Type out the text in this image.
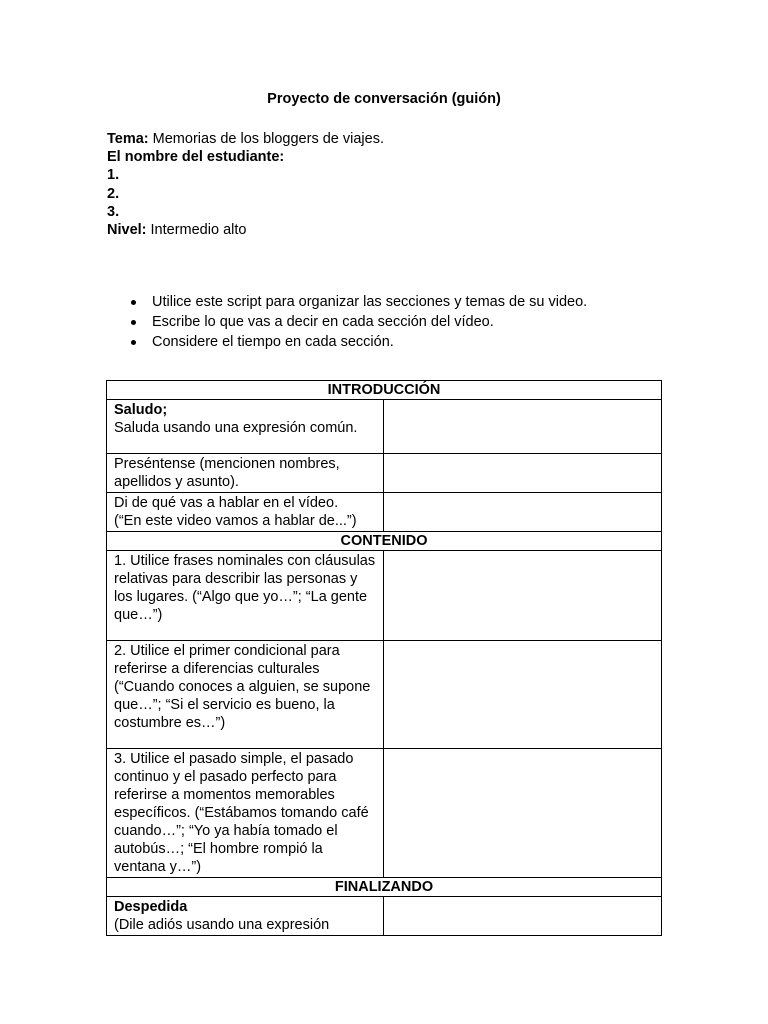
Proyecto de conversación (guión)
Tema: Memorias de los bloggers de viajes.
El nombre del estudiante:
1.
2.
3.
Nivel: Intermedio alto
Utilice este script para organizar las secciones y temas de su video.
Escribe lo que vas a decir en cada sección del vídeo.
Considere el tiempo en cada sección.
INTRODUCCIÓN	
Saludo;
Saluda usando una expresión común.	
Preséntense (mencionen nombres, apellidos y asunto).	
Di de qué vas a hablar en el vídeo.
(“En este video vamos a hablar de...”)	
CONTENIDO	
1. Utilice frases nominales con cláusulas relativas para describir las personas y los lugares. (“Algo que yo…”; “La gente que…”)	
2. Utilice el primer condicional para referirse a diferencias culturales (“Cuando conoces a alguien, se supone que…”; “Si el servicio es bueno, la costumbre es…”)	
3. Utilice el pasado simple, el pasado continuo y el pasado perfecto para referirse a momentos memorables específicos. (“Estábamos tomando café cuando…”; “Yo ya había tomado el autobús…; “El hombre rompió la ventana y…”)	
FINALIZANDO	
Despedida
(Dile adiós usando una expresión	
